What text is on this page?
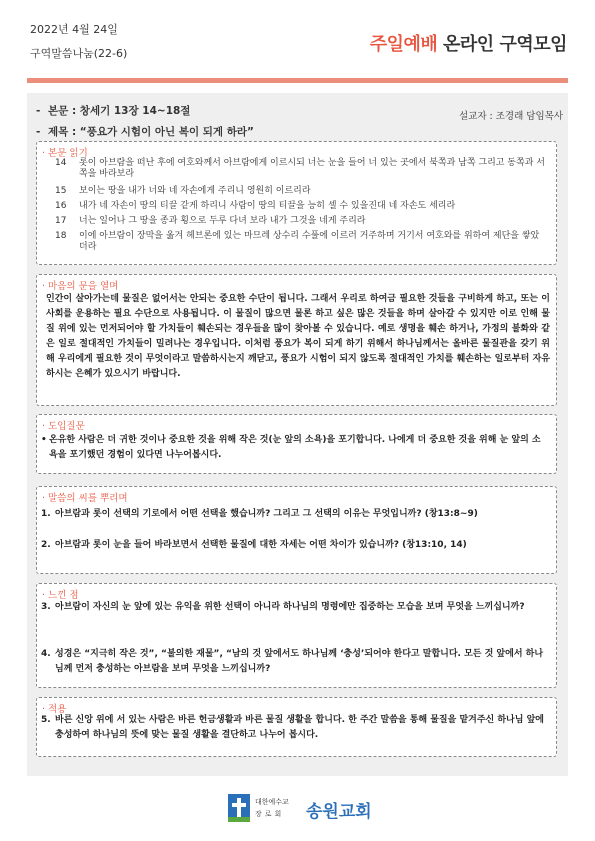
2022년 4월 24일
구역말씀나눔(22-6)	주일예배 온라인 구역모임
- 본문 : 창세기 13장 14~18절	설교자 : 조경래 담임목사
- 제목 : “풍요가 시험이 아닌 복이 되게 하라”
· 본문 읽기
14 롯이 아브람을 떠난 후에 여호와께서 아브람에게 이르시되 너는 눈을 들어 너 있는 곳에서 북쪽과 남쪽 그리고 동쪽과 서쪽을 바라보라
15 보이는 땅을 내가 너와 네 자손에게 주리니 영원히 이르리라
16 내가 네 자손이 땅의 티끌 같게 하리니 사람이 땅의 티끌을 능히 셀 수 있을진대 네 자손도 세리라
17 너는 일어나 그 땅을 종과 횡으로 두루 다녀 보라 내가 그것을 네게 주리라
18 이에 아브람이 장막을 옮겨 헤브론에 있는 마므레 상수리 수풀에 이르러 거주하며 거기서 여호와를 위하여 제단을 쌓았더라
· 마음의 문을 열며
인간이 살아가는데 물질은 없어서는 안되는 중요한 수단이 됩니다. 그래서 우리로 하여금 필요한 것들을 구비하게 하고, 또는 이 사회를 운용하는 필요 수단으로 사용됩니다. 이 물질이 많으면 물론 하고 싶은 많은 것들을 하며 살아갈 수 있지만 이로 인해 물질 위에 있는 먼저되어야 할 가치들이 훼손되는 경우들을 많이 찾아볼 수 있습니다. 예로 생명을 훼손 하거나, 가정의 불화와 같은 일로 절대적인 가치들이 밀려나는 경우입니다. 이처럼 풍요가 복이 되게 하기 위해서 하나님께서는 올바른 물질관을 갖기 위해 우리에게 필요한 것이 무엇이라고 말씀하시는지 깨닫고, 풍요가 시험이 되지 않도록 절대적인 가치를 훼손하는 일로부터 자유하시는 은혜가 있으시기 바랍니다.
· 도입질문
• 온유한 사람은 더 귀한 것이나 중요한 것을 위해 작은 것(눈 앞의 소욕)을 포기합니다. 나에게 더 중요한 것을 위해 눈 앞의 소욕을 포기했던 경험이 있다면 나누어봅시다.
· 말씀의 씨를 뿌리며
1. 아브람과 롯이 선택의 기로에서 어떤 선택을 했습니까? 그리고 그 선택의 이유는 무엇입니까? (창13:8~9)
2. 아브람과 롯이 눈을 들어 바라보면서 선택한 물질에 대한 자세는 어떤 차이가 있습니까? (창13:10, 14)
· 느낀 점
3. 아브람이 자신의 눈 앞에 있는 유익을 위한 선택이 아니라 하나님의 명령에만 집중하는 모습을 보며 무엇을 느끼십니까?
4. 성경은 “지극히 작은 것”, “불의한 재물”, “남의 것 앞에서도 하나님께 ‘충성’되어야 한다고 말합니다. 모든 것 앞에서 하나님께 먼저 충성하는 아브람을 보며 무엇을 느끼십니까?
· 적용
5. 바른 신앙 위에 서 있는 사람은 바른 헌금생활과 바른 물질 생활을 합니다. 한 주간 말씀을 통해 물질을 맡겨주신 하나님 앞에 충성하여 하나님의 뜻에 맞는 물질 생활을 결단하고 나누어 봅시다.
대한예수교
장로회 송원교회
